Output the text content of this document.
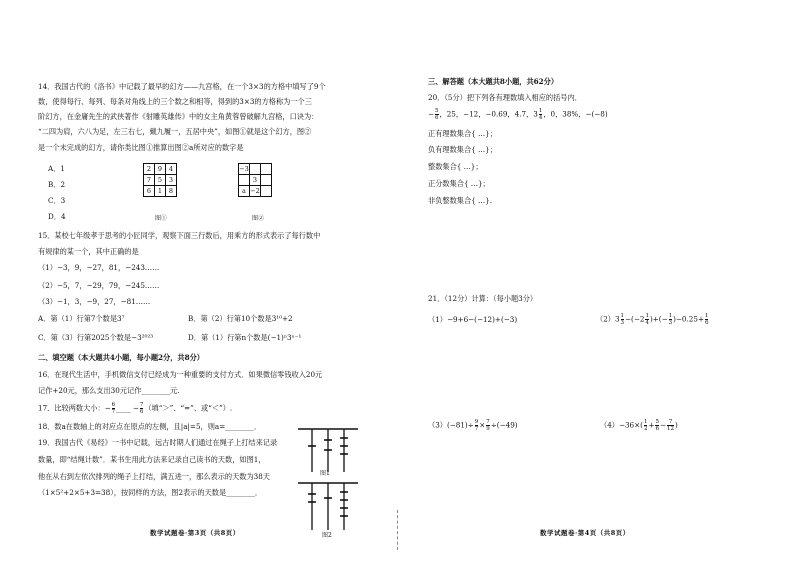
14．我国古代的《洛书》中记载了最早的幻方——九宫格，在一个3×3的方格中填写了9个
数，使得每行、每列、每条对角线上的三个数之和相等，得到的3×3的方格称为一个三
阶幻方，在金庸先生的武侠著作《射雕英雄传》中的女主角黄蓉曾破解九宫格，口诀为：
“二四为肩，六八为足，左三右七，戴九履一，五居中央”，如图①就是这个幻方，图②
是一个未完成的幻方，请你类比图①推算出图②a所对应的数字是
A．1
B．2
C．3
D．4
2	9	4
7	5	3
6	1	8
图①
−3		
	3	
a	−2	
图②
15．某校七年级孝于思考的小匠同学，观察下面三行数后，用乘方的形式表示了每行数中
有规律的某一个，其中正确的是
（1）−3，9，−27，81，−243……
（2）−5，7，−29，79，−245……
（3）−1，3，−9，27，−81……
A．第（1）行第7个数是3⁷	B．第（2）行第10个数是3¹⁰+2
C．第（3）行第2025个数是−3²⁰²³	D．第（1）行第n个数是(−1)ⁿ3ⁿ⁻¹
二、填空题（本大题共4小题，每小题2分，共8分）
16．在现代生活中，手机微信支付已经成为一种重要的支付方式．如果微信零钱收入20元
记作+20元，那么支出30元记作________元.
17．比较两数大小：− $\frac{6}{7}$ ____ − $\frac{7}{6}$ （填“＞”、“=”、或“＜”）.
18．数a在数轴上的对应点在原点的左侧，且|a|=5，则a=________．
19．我国古代《易经》一书中记载，远古时期人们通过在绳子上打结来记录
数量，即“结绳计数”．某书生用此方法来记录自己读书的天数，如图1，
他在从右到左依次排列的绳子上打结，满五进一，那么表示的天数为38天
（1×5²+2×5+3=38），按同样的方法，图2表示的天数是________．
图1
图2
数学试题卷·第3页（共8页）
三、解答题（本大题共8小题，共62分）
20．（5分）把下列各有理数填入相应的括号内．
− $\frac{5}{6}$ ，25，−12，−0.69，4.7，$3 \frac{1}{4}$ ，0，38%，−(−8)
正有理数集合{ …}；
负有理数集合{ …}；
整数集合{ …}；
正分数集合{ …}；
非负整数集合{ …}.
21．（12分）计算：（每小题3分）
（1）−9+6−(−12)+(−3)	$(2)3 \frac{1}{3} -(-2 \frac{1}{4}$ )+(− $\frac{1}{3} )-0.25+ \frac{1}{6}$
$(3)(-81)\div \frac{9}{7} \times \frac{7}{9} \div(-49)$	$(4)-36\times( \frac{1}{2} + \frac{5}{6} - \frac{7}{12}$ )
数学试题卷·第4页（共8页）
